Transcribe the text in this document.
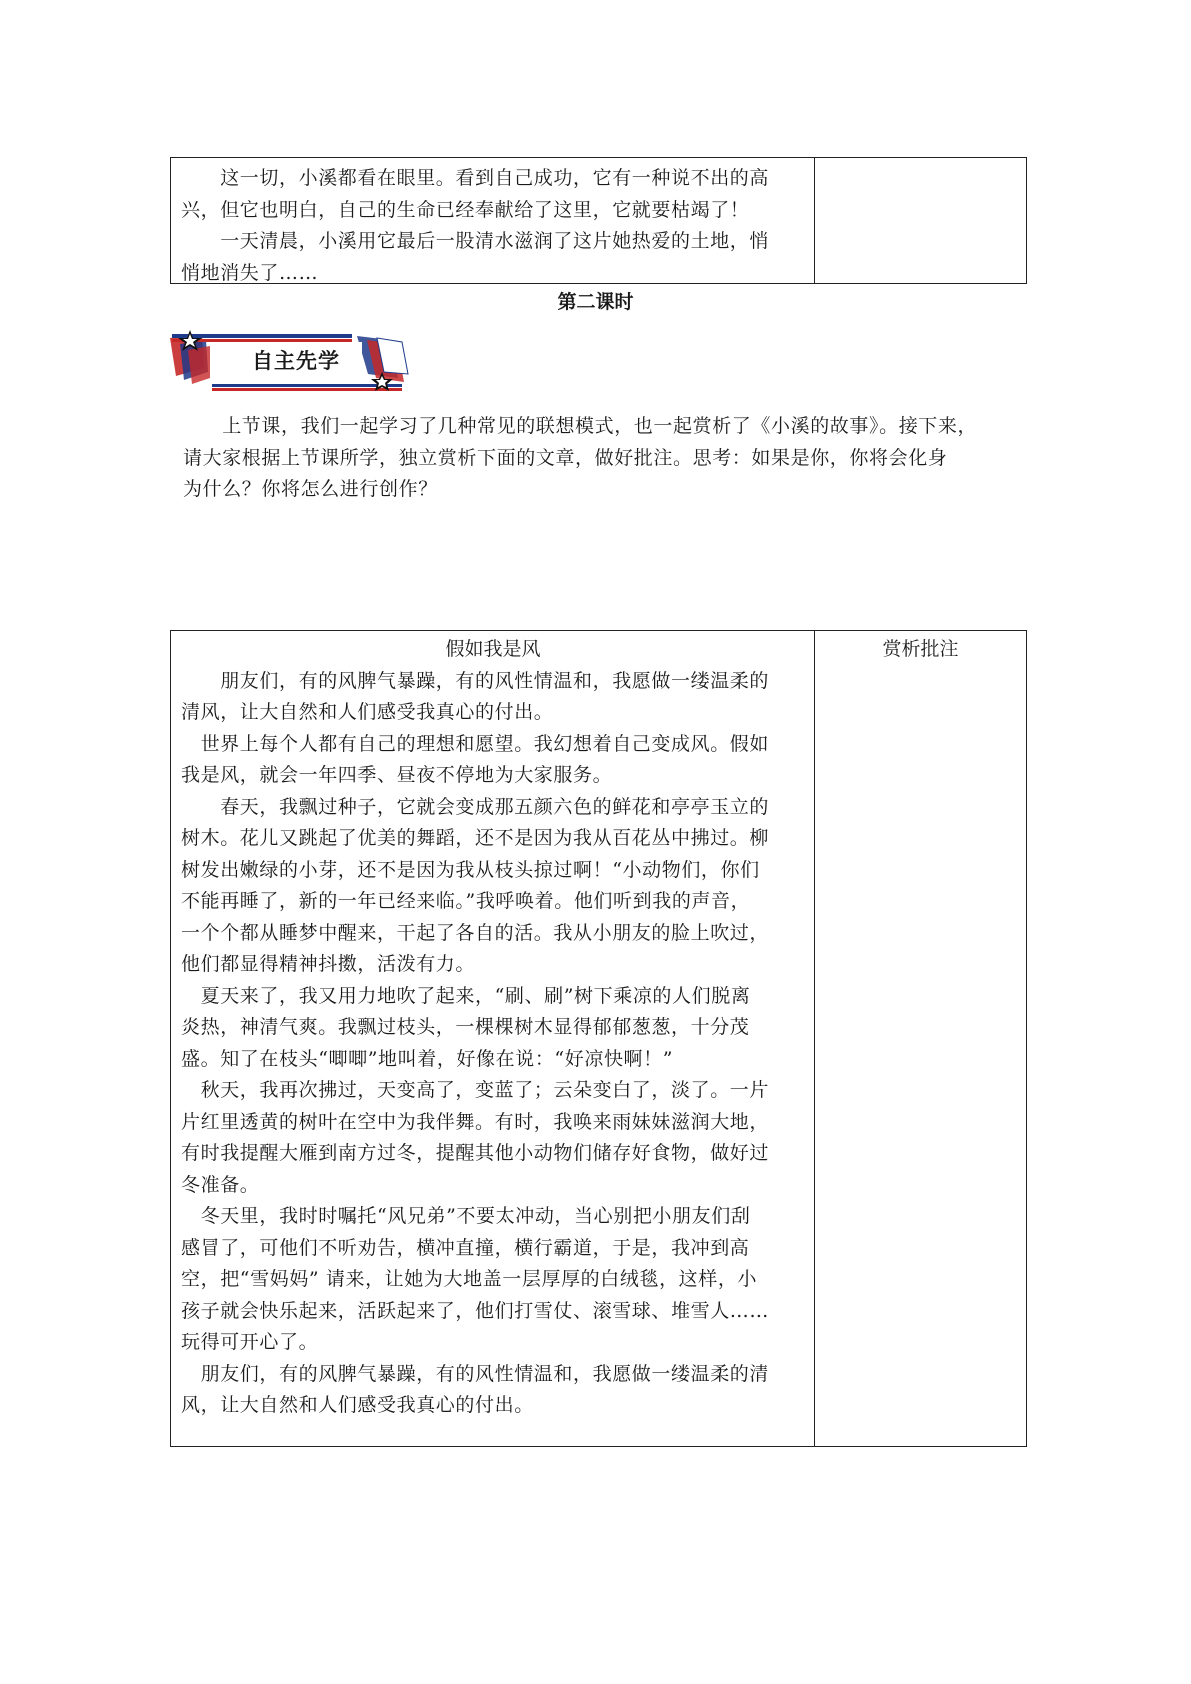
　　这一切，小溪都看在眼里。看到自己成功，它有一种说不出的高

兴，但它也明白，自己的生命已经奉献给了这里，它就要枯竭了！

　　一天清晨，小溪用它最后一股清水滋润了这片她热爱的土地，悄

悄地消失了……

第二课时
自主先学

　　上节课，我们一起学习了几种常见的联想模式，也一起赏析了《小溪的故事》。接下来，

请大家根据上节课所学，独立赏析下面的文章，做好批注。思考：如果是你，你将会化身

为什么？你将怎么进行创作？

假如我是风

　　朋友们，有的风脾气暴躁，有的风性情温和，我愿做一缕温柔的

清风，让大自然和人们感受我真心的付出。

　世界上每个人都有自己的理想和愿望。我幻想着自己变成风。假如

我是风，就会一年四季、昼夜不停地为大家服务。

　　春天，我飘过种子，它就会变成那五颜六色的鲜花和亭亭玉立的

树木。花儿又跳起了优美的舞蹈，还不是因为我从百花丛中拂过。柳

树发出嫩绿的小芽，还不是因为我从枝头掠过啊！“小动物们，你们

不能再睡了，新的一年已经来临。”我呼唤着。他们听到我的声音，

一个个都从睡梦中醒来，干起了各自的活。我从小朋友的脸上吹过，

他们都显得精神抖擞，活泼有力。

　夏天来了，我又用力地吹了起来，“刷、刷”树下乘凉的人们脱离

炎热，神清气爽。我飘过枝头，一棵棵树木显得郁郁葱葱，十分茂

盛。知了在枝头“唧唧”地叫着，好像在说：“好凉快啊！”

　秋天，我再次拂过，天变高了，变蓝了；云朵变白了，淡了。一片

片红里透黄的树叶在空中为我伴舞。有时，我唤来雨妹妹滋润大地，

有时我提醒大雁到南方过冬，提醒其他小动物们储存好食物，做好过

冬准备。

　冬天里，我时时嘱托“风兄弟”不要太冲动，当心别把小朋友们刮

感冒了，可他们不听劝告，横冲直撞，横行霸道，于是，我冲到高

空，把“雪妈妈” 请来，让她为大地盖一层厚厚的白绒毯，这样，小

孩子就会快乐起来，活跃起来了，他们打雪仗、滚雪球、堆雪人……

玩得可开心了。

　朋友们，有的风脾气暴躁，有的风性情温和，我愿做一缕温柔的清

风，让大自然和人们感受我真心的付出。

赏析批注
